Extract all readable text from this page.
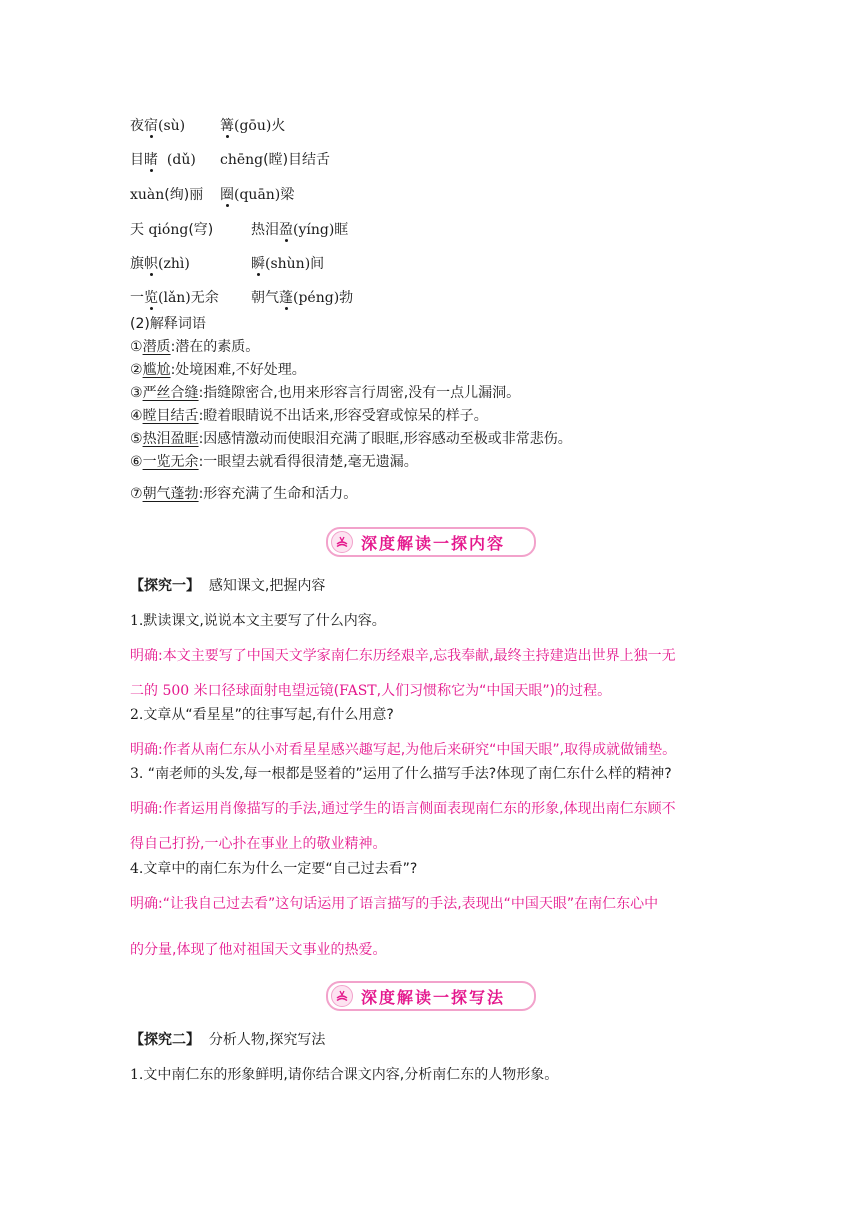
夜宿(sù) 篝(gōu)火
目睹  (dǔ) chēng(瞠)目结舌
xuàn(绚)丽 圈(quān)梁
天 qióng(穹)	热泪盈(yíng)眶
旗帜(zhì)	瞬(shùn)间
一览(lǎn)无余 朝气蓬(péng)勃
(2)解释词语
①潜质:潜在的素质。
②尴尬:处境困难,不好处理。
③严丝合缝:指缝隙密合,也用来形容言行周密,没有一点儿漏洞。
④瞠目结舌:瞪着眼睛说不出话来,形容受窘或惊呆的样子。
⑤热泪盈眶:因感情激动而使眼泪充满了眼眶,形容感动至极或非常悲伤。
⑥一览无余:一眼望去就看得很清楚,毫无遗漏。
⑦朝气蓬勃:形容充满了生命和活力。
深度解读一探内容
【探究一】  感知课文,把握内容
1.默读课文,说说本文主要写了什么内容。
明确:本文主要写了中国天文学家南仁东历经艰辛,忘我奉献,最终主持建造出世界上独一无
二的 500 米口径球面射电望远镜(FAST,人们习惯称它为“中国天眼”)的过程。
2.文章从“看星星”的往事写起,有什么用意?
明确:作者从南仁东从小对看星星感兴趣写起,为他后来研究“中国天眼”,取得成就做铺垫。
3. “南老师的头发,每一根都是竖着的”运用了什么描写手法?体现了南仁东什么样的精神?
明确:作者运用肖像描写的手法,通过学生的语言侧面表现南仁东的形象,体现出南仁东顾不
得自己打扮,一心扑在事业上的敬业精神。
4.文章中的南仁东为什么一定要“自己过去看”?
明确:“让我自己过去看”这句话运用了语言描写的手法,表现出“中国天眼”在南仁东心中
的分量,体现了他对祖国天文事业的热爱。
深度解读一探写法
【探究二】  分析人物,探究写法
1.文中南仁东的形象鲜明,请你结合课文内容,分析南仁东的人物形象。
